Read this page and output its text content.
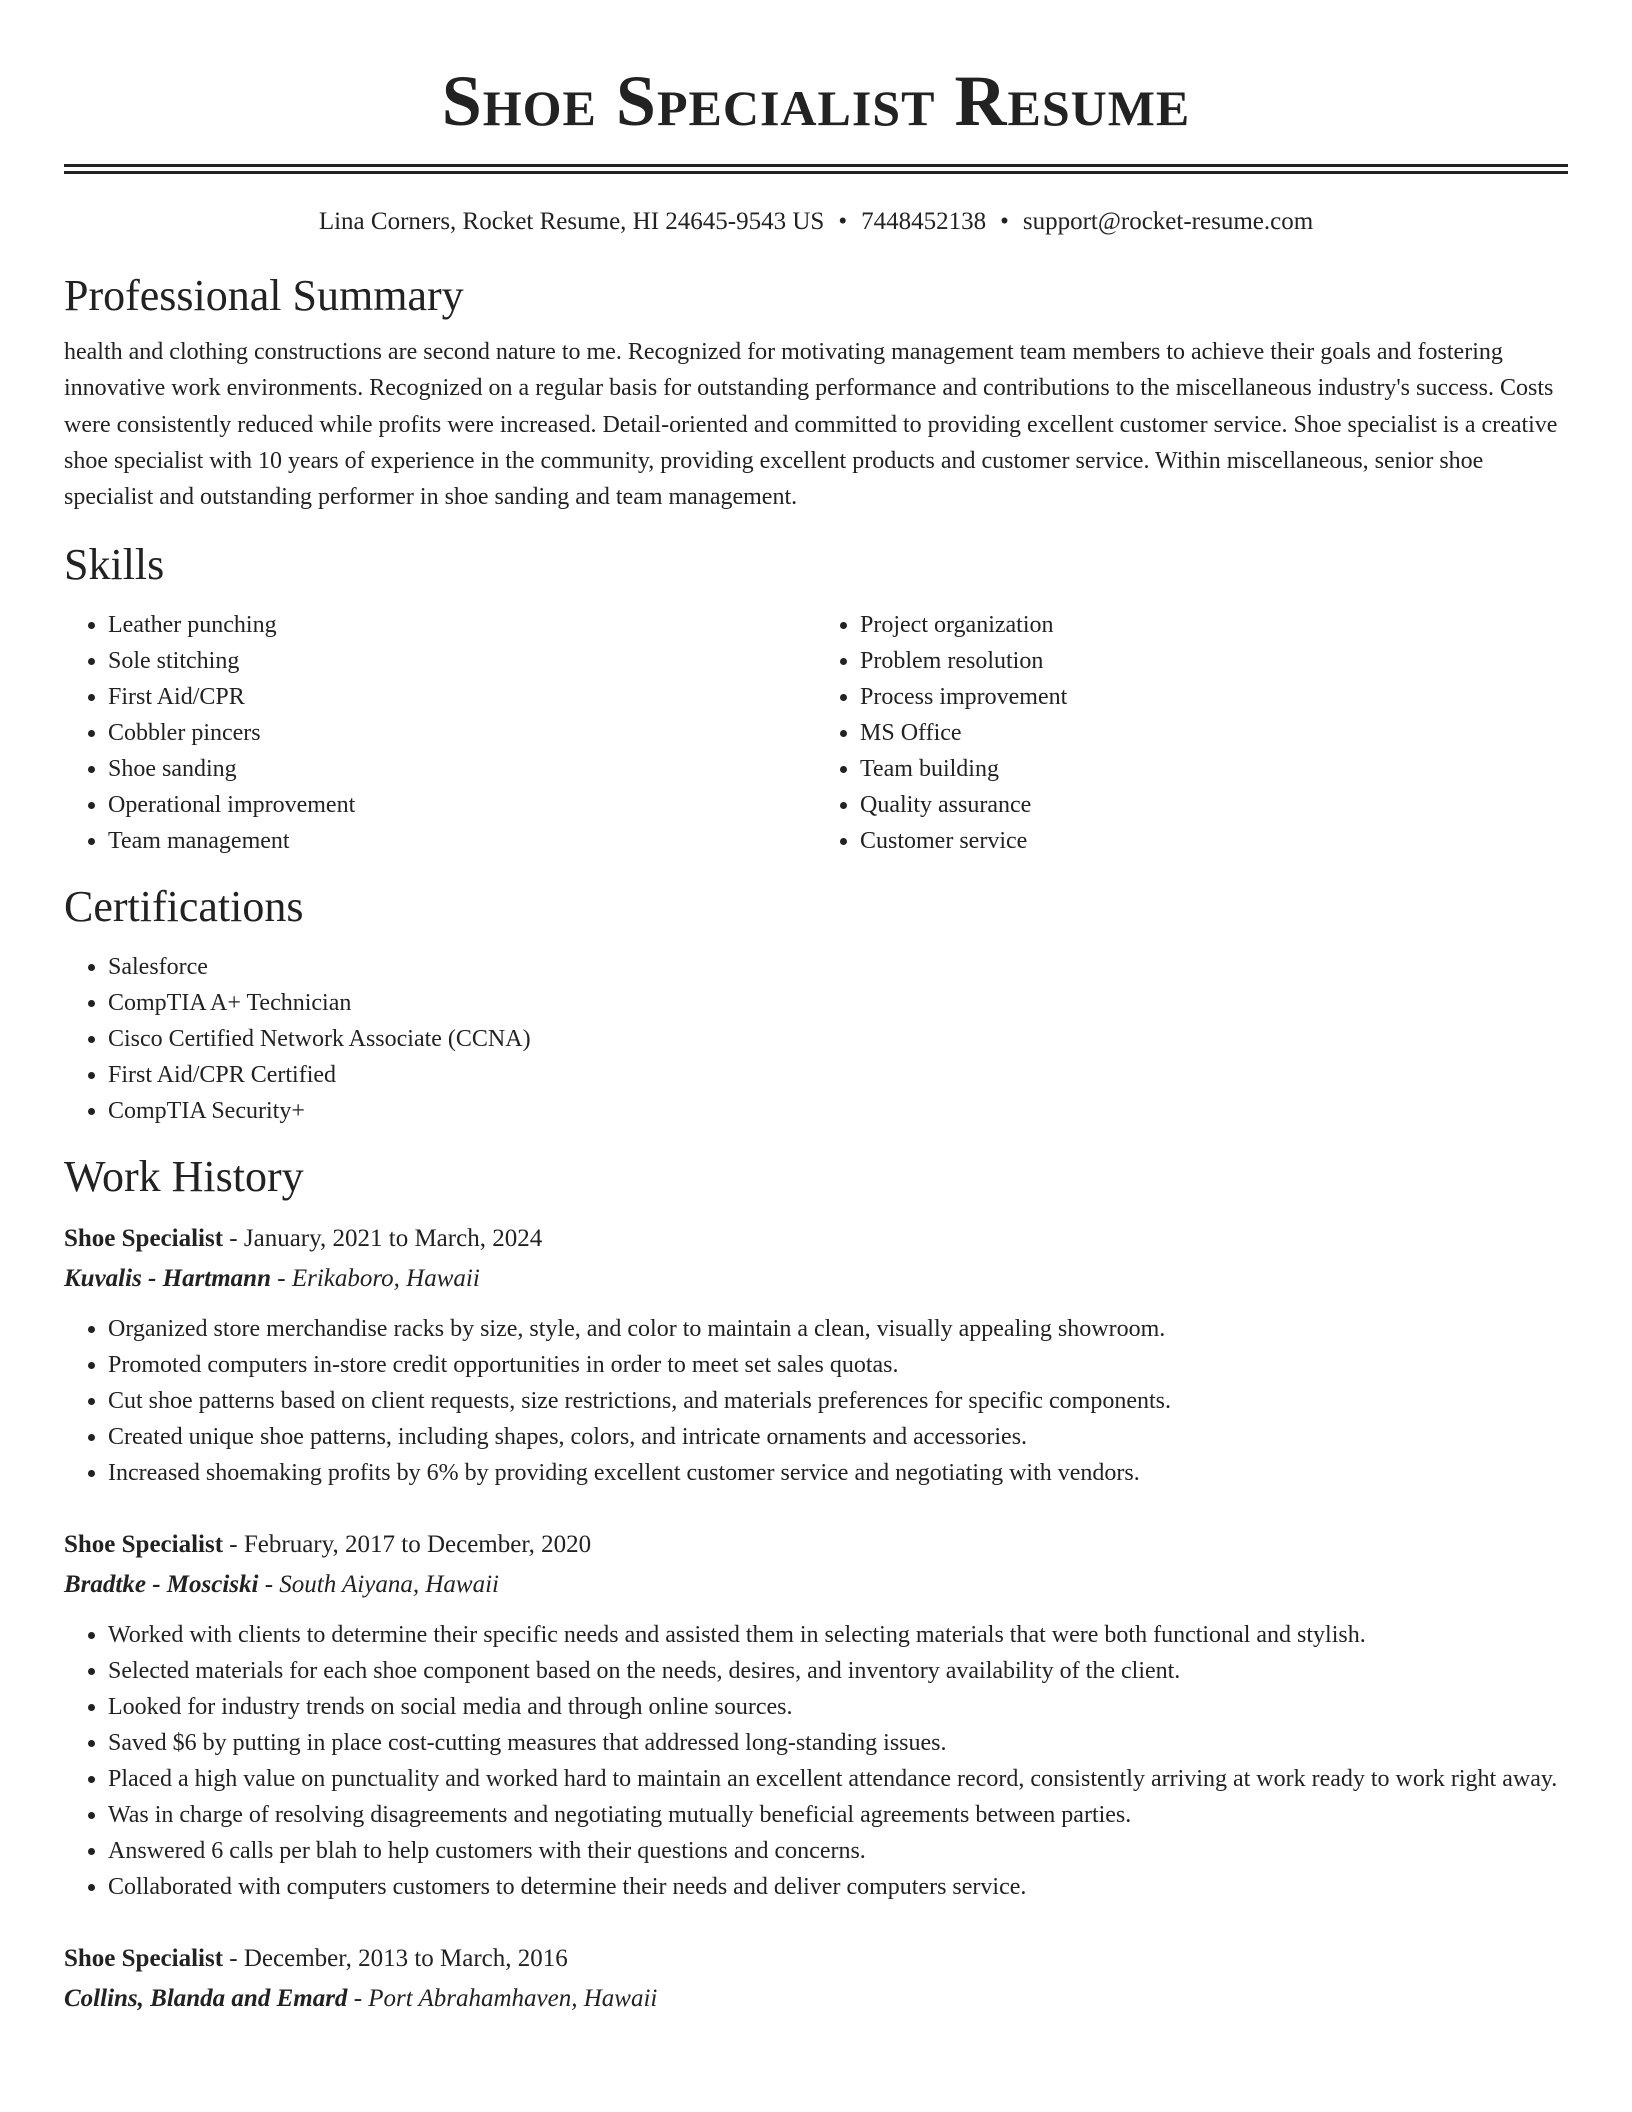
Shoe Specialist Resume
Lina Corners, Rocket Resume, HI 24645-9543 US • 7448452138 • support@rocket-resume.com
Professional Summary
health and clothing constructions are second nature to me. Recognized for motivating management team members to achieve their goals and fostering innovative work environments. Recognized on a regular basis for outstanding performance and contributions to the miscellaneous industry's success. Costs were consistently reduced while profits were increased. Detail-oriented and committed to providing excellent customer service. Shoe specialist is a creative shoe specialist with 10 years of experience in the community, providing excellent products and customer service. Within miscellaneous, senior shoe specialist and outstanding performer in shoe sanding and team management.
Skills
• Leather punching
• Sole stitching
• First Aid/CPR
• Cobbler pincers
• Shoe sanding
• Operational improvement
• Team management
• Project organization
• Problem resolution
• Process improvement
• MS Office
• Team building
• Quality assurance
• Customer service
Certifications
• Salesforce
• CompTIA A+ Technician
• Cisco Certified Network Associate (CCNA)
• First Aid/CPR Certified
• CompTIA Security+
Work History
Shoe Specialist - January, 2021 to March, 2024
Kuvalis - Hartmann - Erikaboro, Hawaii
• Organized store merchandise racks by size, style, and color to maintain a clean, visually appealing showroom.
• Promoted computers in-store credit opportunities in order to meet set sales quotas.
• Cut shoe patterns based on client requests, size restrictions, and materials preferences for specific components.
• Created unique shoe patterns, including shapes, colors, and intricate ornaments and accessories.
• Increased shoemaking profits by 6% by providing excellent customer service and negotiating with vendors.
Shoe Specialist - February, 2017 to December, 2020
Bradtke - Mosciski - South Aiyana, Hawaii
• Worked with clients to determine their specific needs and assisted them in selecting materials that were both functional and stylish.
• Selected materials for each shoe component based on the needs, desires, and inventory availability of the client.
• Looked for industry trends on social media and through online sources.
• Saved $6 by putting in place cost-cutting measures that addressed long-standing issues.
• Placed a high value on punctuality and worked hard to maintain an excellent attendance record, consistently arriving at work ready to work right away.
• Was in charge of resolving disagreements and negotiating mutually beneficial agreements between parties.
• Answered 6 calls per blah to help customers with their questions and concerns.
• Collaborated with computers customers to determine their needs and deliver computers service.
Shoe Specialist - December, 2013 to March, 2016
Collins, Blanda and Emard - Port Abrahamhaven, Hawaii
